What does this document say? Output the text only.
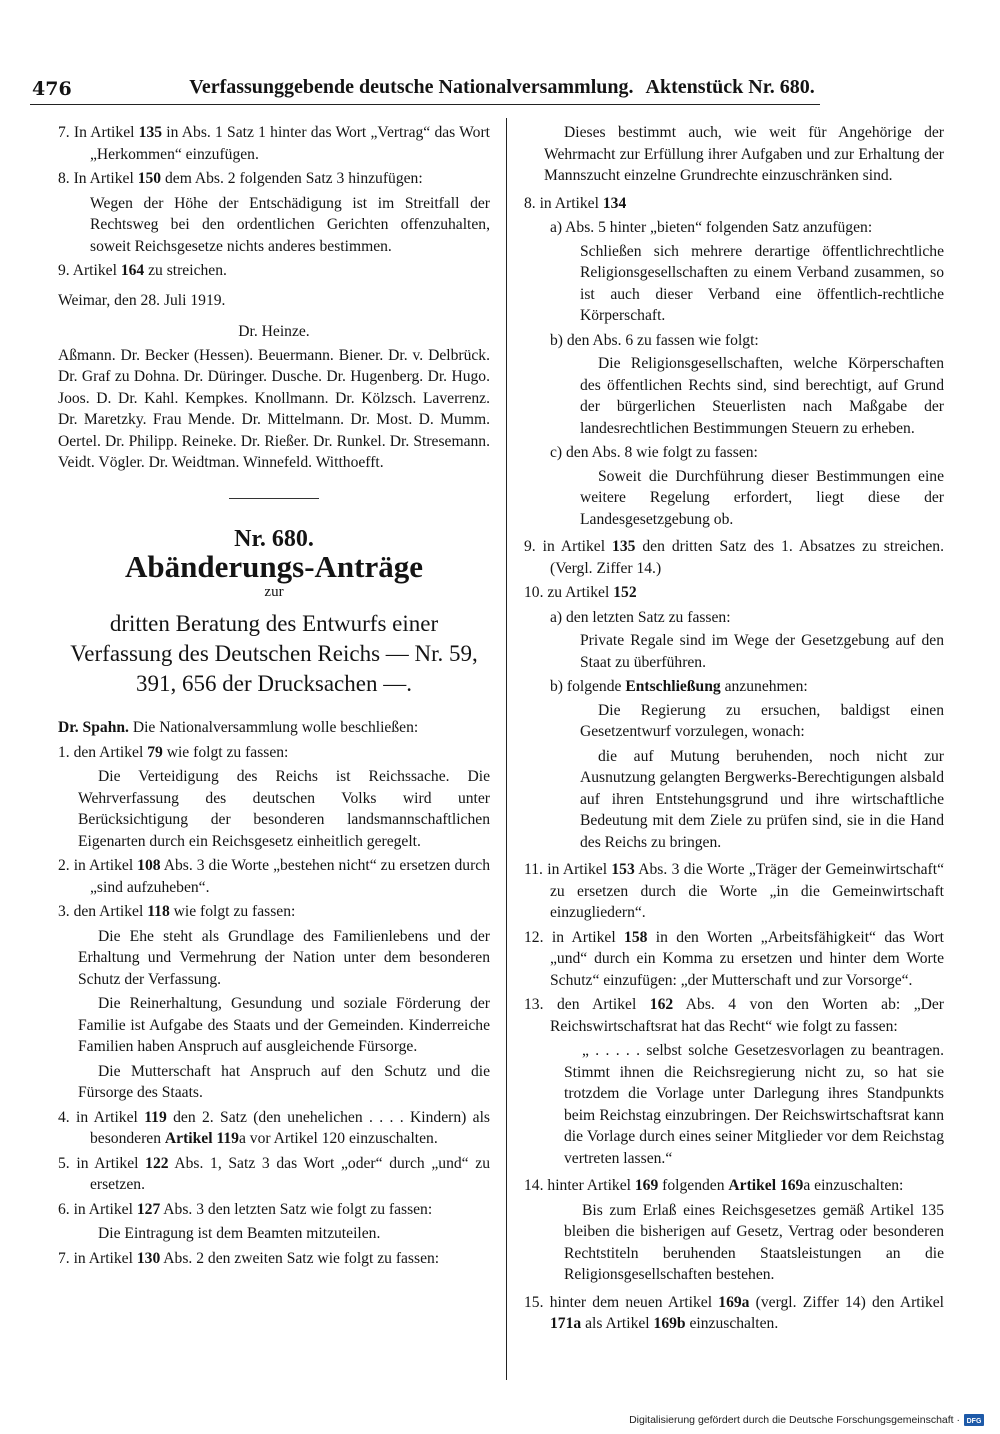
476	Verfassunggebende deutsche Nationalversammlung. Aktenstück Nr. 680.

7. In Artikel 135 in Abs. 1 Satz 1 hinter das Wort „Vertrag“ das Wort „Herkommen“ einzufügen.

8. In Artikel 150 dem Abs. 2 folgenden Satz 3 hinzufügen:

Wegen der Höhe der Entschädigung ist im Streitfall der Rechtsweg bei den ordentlichen Gerichten offenzuhalten, soweit Reichsgesetze nichts anderes bestimmen.

9. Artikel 164 zu streichen.

Weimar, den 28. Juli 1919.

Dr. Heinze.

Aßmann. Dr. Becker (Hessen). Beuermann. Biener. Dr. v. Delbrück. Dr. Graf zu Dohna. Dr. Düringer. Dusche. Dr. Hugenberg. Dr. Hugo. Joos. D. Dr. Kahl. Kempkes. Knollmann. Dr. Kölzsch. Laverrenz. Dr. Maretzky. Frau Mende. Dr. Mittelmann. Dr. Most. D. Mumm. Oertel. Dr. Philipp. Reineke. Dr. Rießer. Dr. Runkel. Dr. Stresemann. Veidt. Vögler. Dr. Weidtman. Winnefeld. Witthoefft.

Nr. 680.
Abänderungs-Anträge
zur
dritten Beratung des Entwurfs einer Verfassung des Deutschen Reichs — Nr. 59, 391, 656 der Drucksachen —.

Dr. Spahn. Die Nationalversammlung wolle beschließen:

1. den Artikel 79 wie folgt zu fassen:

Die Verteidigung des Reichs ist Reichssache. Die Wehrverfassung des deutschen Volks wird unter Berücksichtigung der besonderen landsmannschaftlichen Eigenarten durch ein Reichsgesetz einheitlich geregelt.

2. in Artikel 108 Abs. 3 die Worte „bestehen nicht“ zu ersetzen durch „sind aufzuheben“.

3. den Artikel 118 wie folgt zu fassen:

Die Ehe steht als Grundlage des Familienlebens und der Erhaltung und Vermehrung der Nation unter dem besonderen Schutz der Verfassung.

Die Reinerhaltung, Gesundung und soziale Förderung der Familie ist Aufgabe des Staats und der Gemeinden. Kinderreiche Familien haben Anspruch auf ausgleichende Fürsorge.

Die Mutterschaft hat Anspruch auf den Schutz und die Fürsorge des Staats.

4. in Artikel 119 den 2. Satz (den unehelichen . . . . Kindern) als besonderen Artikel 119a vor Artikel 120 einzuschalten.

5. in Artikel 122 Abs. 1, Satz 3 das Wort „oder“ durch „und“ zu ersetzen.

6. in Artikel 127 Abs. 3 den letzten Satz wie folgt zu fassen:

Die Eintragung ist dem Beamten mitzuteilen.

7. in Artikel 130 Abs. 2 den zweiten Satz wie folgt zu fassen:

Dieses bestimmt auch, wie weit für Angehörige der Wehrmacht zur Erfüllung ihrer Aufgaben und zur Erhaltung der Mannszucht einzelne Grundrechte einzuschränken sind.

8. in Artikel 134

a) Abs. 5 hinter „bieten“ folgenden Satz anzufügen:

Schließen sich mehrere derartige öffentlichrechtliche Religionsgesellschaften zu einem Verband zusammen, so ist auch dieser Verband eine öffentlich-rechtliche Körperschaft.

b) den Abs. 6 zu fassen wie folgt:

Die Religionsgesellschaften, welche Körperschaften des öffentlichen Rechts sind, sind berechtigt, auf Grund der bürgerlichen Steuerlisten nach Maßgabe der landesrechtlichen Bestimmungen Steuern zu erheben.

c) den Abs. 8 wie folgt zu fassen:

Soweit die Durchführung dieser Bestimmungen eine weitere Regelung erfordert, liegt diese der Landesgesetzgebung ob.

9. in Artikel 135 den dritten Satz des 1. Absatzes zu streichen. (Vergl. Ziffer 14.)

10. zu Artikel 152

a) den letzten Satz zu fassen:

Private Regale sind im Wege der Gesetzgebung auf den Staat zu überführen.

b) folgende Entschließung anzunehmen:

Die Regierung zu ersuchen, baldigst einen Gesetzentwurf vorzulegen, wonach:

die auf Mutung beruhenden, noch nicht zur Ausnutzung gelangten Bergwerks-Berechtigungen alsbald auf ihren Entstehungsgrund und ihre wirtschaftliche Bedeutung mit dem Ziele zu prüfen sind, sie in die Hand des Reichs zu bringen.

11. in Artikel 153 Abs. 3 die Worte „Träger der Gemeinwirtschaft“ zu ersetzen durch die Worte „in die Gemeinwirtschaft einzugliedern“.

12. in Artikel 158 in den Worten „Arbeitsfähigkeit“ das Wort „und“ durch ein Komma zu ersetzen und hinter dem Worte Schutz“ einzufügen: „der Mutterschaft und zur Vorsorge“.

13. den Artikel 162 Abs. 4 von den Worten ab: „Der Reichswirtschaftsrat hat das Recht“ wie folgt zu fassen:

„ . . . . . selbst solche Gesetzesvorlagen zu beantragen. Stimmt ihnen die Reichsregierung nicht zu, so hat sie trotzdem die Vorlage unter Darlegung ihres Standpunkts beim Reichstag einzubringen. Der Reichswirtschaftsrat kann die Vorlage durch eines seiner Mitglieder vor dem Reichstag vertreten lassen.“

14. hinter Artikel 169 folgenden Artikel 169a einzuschalten:

Bis zum Erlaß eines Reichsgesetzes gemäß Artikel 135 bleiben die bisherigen auf Gesetz, Vertrag oder besonderen Rechtstiteln beruhenden Staatsleistungen an die Religionsgesellschaften bestehen.

15. hinter dem neuen Artikel 169a (vergl. Ziffer 14) den Artikel 171a als Artikel 169b einzuschalten.

Digitalisierung gefördert durch die Deutsche Forschungsgemeinschaft · DFG
